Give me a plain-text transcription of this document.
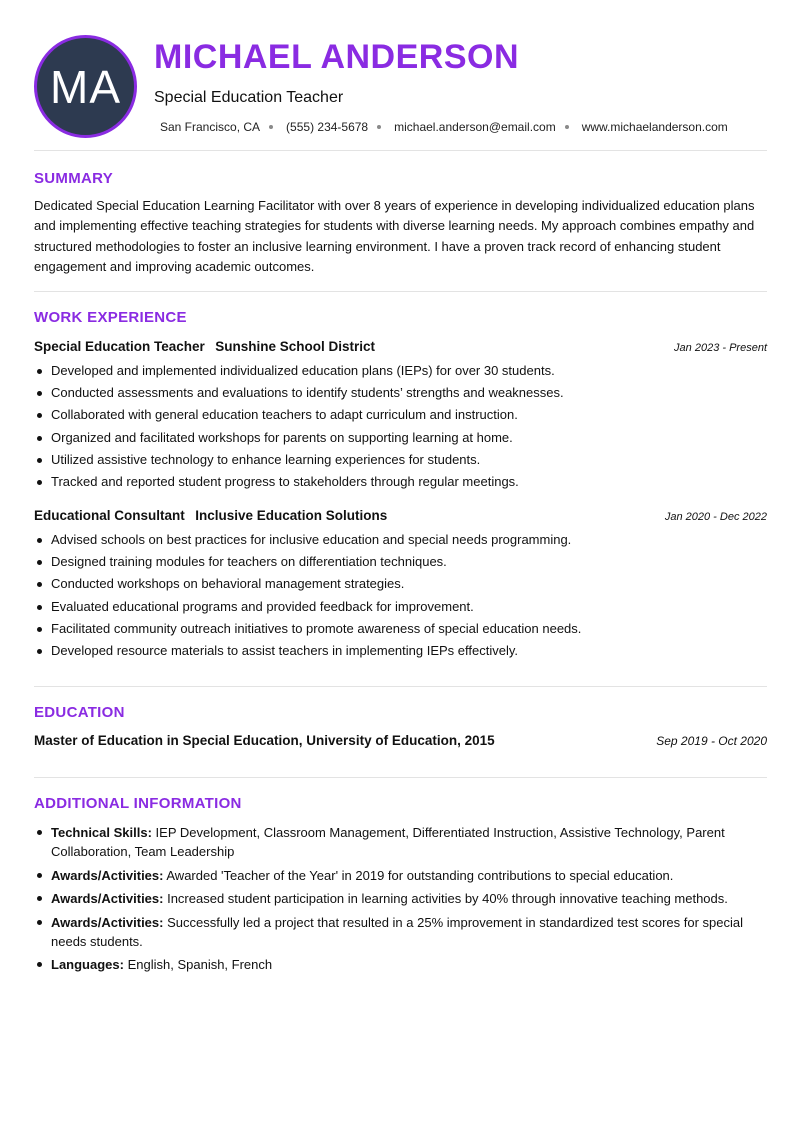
MA
MICHAEL ANDERSON
Special Education Teacher
San Francisco, CA (555) 234-5678 michael.anderson@email.com www.michaelanderson.com
SUMMARY
Dedicated Special Education Learning Facilitator with over 8 years of experience in developing individualized education plans and implementing effective teaching strategies for students with diverse learning needs. My approach combines empathy and structured methodologies to foster an inclusive learning environment. I have a proven track record of enhancing student engagement and improving academic outcomes.
WORK EXPERIENCE
Special Education Teacher Sunshine School District	Jan 2023 - Present
Developed and implemented individualized education plans (IEPs) for over 30 students.
Conducted assessments and evaluations to identify students’ strengths and weaknesses.
Collaborated with general education teachers to adapt curriculum and instruction.
Organized and facilitated workshops for parents on supporting learning at home.
Utilized assistive technology to enhance learning experiences for students.
Tracked and reported student progress to stakeholders through regular meetings.
Educational Consultant Inclusive Education Solutions	Jan 2020 - Dec 2022
Advised schools on best practices for inclusive education and special needs programming.
Designed training modules for teachers on differentiation techniques.
Conducted workshops on behavioral management strategies.
Evaluated educational programs and provided feedback for improvement.
Facilitated community outreach initiatives to promote awareness of special education needs.
Developed resource materials to assist teachers in implementing IEPs effectively.
EDUCATION
Master of Education in Special Education, University of Education, 2015	Sep 2019 - Oct 2020
ADDITIONAL INFORMATION
Technical Skills: IEP Development, Classroom Management, Differentiated Instruction, Assistive Technology, Parent Collaboration, Team Leadership
Awards/Activities: Awarded 'Teacher of the Year' in 2019 for outstanding contributions to special education.
Awards/Activities: Increased student participation in learning activities by 40% through innovative teaching methods.
Awards/Activities: Successfully led a project that resulted in a 25% improvement in standardized test scores for special needs students.
Languages: English, Spanish, French
